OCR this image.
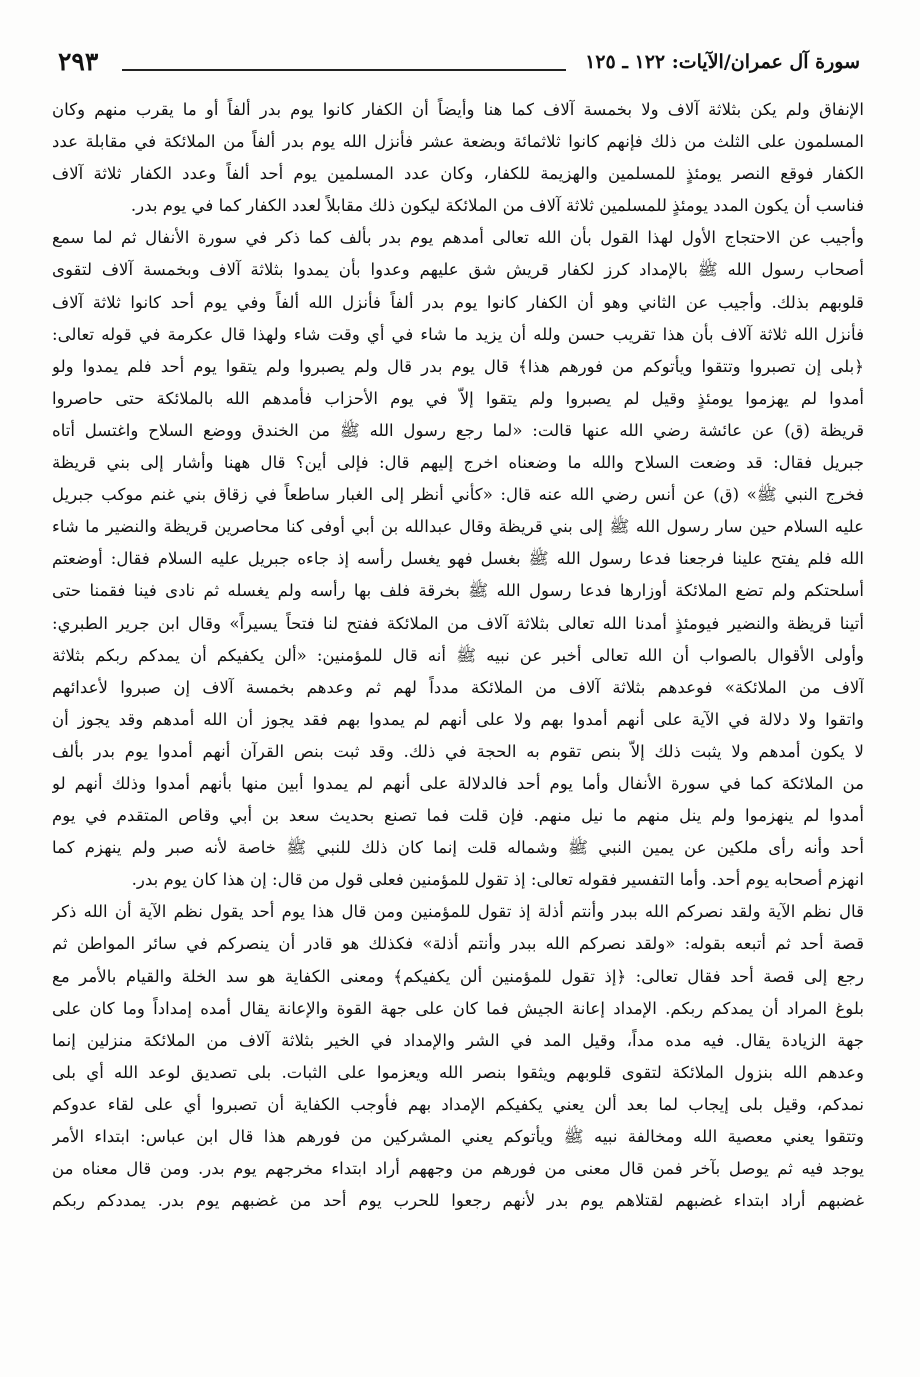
٢٩٣	سورة آل عمران/الآيات: ١٢٢ ـ ١٢٥
الإنفاق ولم يكن بثلاثة آلاف ولا بخمسة آلاف كما هنا وأيضاً أن الكفار كانوا يوم بدر ألفاً أو ما يقرب منهم وكان
المسلمون على الثلث من ذلك فإنهم كانوا ثلاثمائة وبضعة عشر فأنزل الله يوم بدر ألفاً من الملائكة في مقابلة عدد
الكفار فوقع النصر يومئذٍ للمسلمين والهزيمة للكفار، وكان عدد المسلمين يوم أحد ألفاً وعدد الكفار ثلاثة آلاف
فناسب أن يكون المدد يومئذٍ للمسلمين ثلاثة آلاف من الملائكة ليكون ذلك مقابلاً لعدد الكفار كما في يوم بدر.
وأجيب عن الاحتجاج الأول لهذا القول بأن الله تعالى أمدهم يوم بدر بألف كما ذكر في سورة الأنفال ثم لما سمع
أصحاب رسول الله ﷺ بالإمداد كرز لكفار قريش شق عليهم وعدوا بأن يمدوا بثلاثة آلاف وبخمسة آلاف لتقوى
قلوبهم بذلك. وأجيب عن الثاني وهو أن الكفار كانوا يوم بدر ألفاً فأنزل الله ألفاً وفي يوم أحد كانوا ثلاثة آلاف
فأنزل الله ثلاثة آلاف بأن هذا تقريب حسن ولله أن يزيد ما شاء في أي وقت شاء ولهذا قال عكرمة في قوله تعالى:
﴿بلى إن تصبروا وتتقوا ويأتوكم من فورهم هذا﴾ قال يوم بدر قال ولم يصبروا ولم يتقوا يوم أحد فلم يمدوا ولو
أمدوا لم يهزموا يومئذٍ وقيل لم يصبروا ولم يتقوا إلاّ في يوم الأحزاب فأمدهم الله بالملائكة حتى حاصروا
قريظة (ق) عن عائشة رضي الله عنها قالت: «لما رجع رسول الله ﷺ من الخندق ووضع السلاح واغتسل أتاه
جبريل فقال: قد وضعت السلاح والله ما وضعناه اخرج إليهم قال: فإلى أين؟ قال ههنا وأشار إلى بني قريظة
فخرج النبي ﷺ» (ق) عن أنس رضي الله عنه قال: «كأني أنظر إلى الغبار ساطعاً في زقاق بني غنم موكب جبريل
عليه السلام حين سار رسول الله ﷺ إلى بني قريظة وقال عبدالله بن أبي أوفى كنا محاصرين قريظة والنضير ما شاء
الله فلم يفتح علينا فرجعنا فدعا رسول الله ﷺ بغسل فهو يغسل رأسه إذ جاءه جبريل عليه السلام فقال: أوضعتم
أسلحتكم ولم تضع الملائكة أوزارها فدعا رسول الله ﷺ بخرقة فلف بها رأسه ولم يغسله ثم نادى فينا فقمنا حتى
أتينا قريظة والنضير فيومئذٍ أمدنا الله تعالى بثلاثة آلاف من الملائكة ففتح لنا فتحاً يسيراً» وقال ابن جرير الطبري:
وأولى الأقوال بالصواب أن الله تعالى أخبر عن نبيه ﷺ أنه قال للمؤمنين: «ألن يكفيكم أن يمدكم ربكم بثلاثة
آلاف من الملائكة» فوعدهم بثلاثة آلاف من الملائكة مدداً لهم ثم وعدهم بخمسة آلاف إن صبروا لأعدائهم
واتقوا ولا دلالة في الآية على أنهم أمدوا بهم ولا على أنهم لم يمدوا بهم فقد يجوز أن الله أمدهم وقد يجوز أن
لا يكون أمدهم ولا يثبت ذلك إلاّ بنص تقوم به الحجة في ذلك. وقد ثبت بنص القرآن أنهم أمدوا يوم بدر بألف
من الملائكة كما في سورة الأنفال وأما يوم أحد فالدلالة على أنهم لم يمدوا أبين منها بأنهم أمدوا وذلك أنهم لو
أمدوا لم ينهزموا ولم ينل منهم ما نيل منهم. فإن قلت فما تصنع بحديث سعد بن أبي وقاص المتقدم في يوم
أحد وأنه رأى ملكين عن يمين النبي ﷺ وشماله قلت إنما كان ذلك للنبي ﷺ خاصة لأنه صبر ولم ينهزم كما
انهزم أصحابه يوم أحد. وأما التفسير فقوله تعالى: إذ تقول للمؤمنين فعلى قول من قال: إن هذا كان يوم بدر.
قال نظم الآية ولقد نصركم الله ببدر وأنتم أذلة إذ تقول للمؤمنين ومن قال هذا يوم أحد يقول نظم الآية أن الله ذكر
قصة أحد ثم أتبعه بقوله: «ولقد نصركم الله ببدر وأنتم أذلة» فكذلك هو قادر أن ينصركم في سائر المواطن ثم
رجع إلى قصة أحد فقال تعالى: ﴿إذ تقول للمؤمنين ألن يكفيكم﴾ ومعنى الكفاية هو سد الخلة والقيام بالأمر مع
بلوغ المراد أن يمدكم ربكم. الإمداد إعانة الجيش فما كان على جهة القوة والإعانة يقال أمده إمداداً وما كان على
جهة الزيادة يقال. فيه مده مداً، وقيل المد في الشر والإمداد في الخير بثلاثة آلاف من الملائكة منزلين إنما
وعدهم الله بنزول الملائكة لتقوى قلوبهم ويثقوا بنصر الله ويعزموا على الثبات. بلى تصديق لوعد الله أي بلى
نمدكم، وقيل بلى إيجاب لما بعد ألن يعني يكفيكم الإمداد بهم فأوجب الكفاية أن تصبروا أي على لقاء عدوكم
وتتقوا يعني معصية الله ومخالفة نبيه ﷺ ويأتوكم يعني المشركين من فورهم هذا قال ابن عباس: ابتداء الأمر
يوجد فيه ثم يوصل بآخر فمن قال معنى من فورهم من وجههم أراد ابتداء مخرجهم يوم بدر. ومن قال معناه من
غضبهم أراد ابتداء غضبهم لقتلاهم يوم بدر لأنهم رجعوا للحرب يوم أحد من غضبهم يوم بدر. يمددكم ربكم
